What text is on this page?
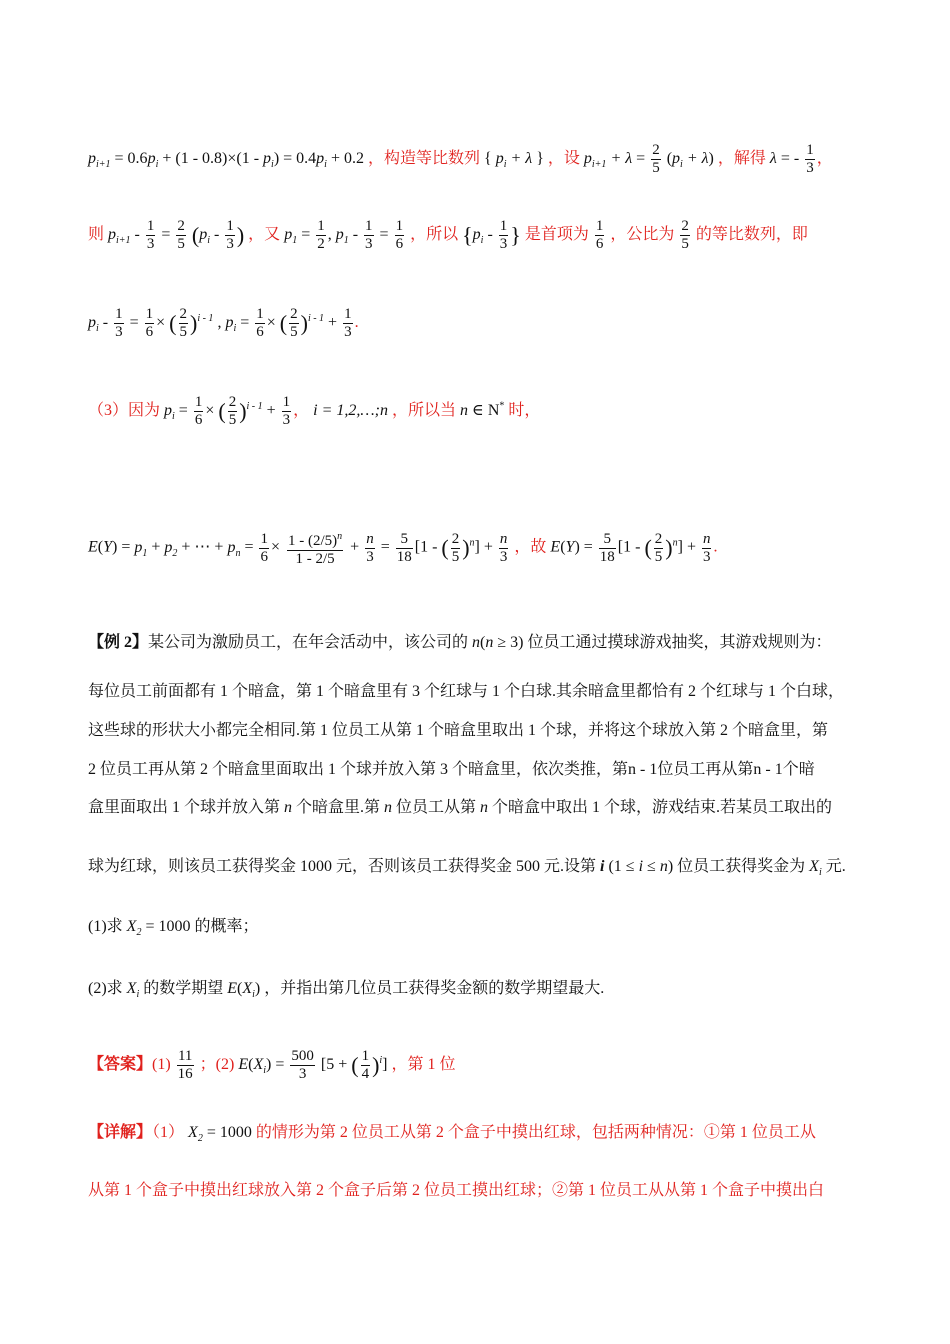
$p_{i+1} = 0.6p_i + (1 - 0.8)\times(1 - p_i) = 0.4p_i + 0.2$ ，构造等比数列 { $p_i + \lambda$ } ，设 $p_{i+1} + \lambda = \frac{2}{5} (p_i + \lambda)$ ，解得 λ = - $\frac{1}{3}$ ，
则 $p_{i+1} - \frac{1}{3} = \frac{2}{5} (p_i - \frac{1}{3}$ ) ，又 $p_1 = \frac{1}{2}$ , $p_1 - \frac{1}{3} = \frac{1}{6}$ ，所以 {$p_i - \frac{1}{3}$ } 是首项为 $\frac{1}{6}$ ，公比为 $\frac{2}{5}$ 的等比数列，即
$p_i - \frac{1}{3} = \frac{1}{6}$ × ( $\frac{2}{5} )^{i - 1}$ , $p_i = \frac{1}{6}$ × ( $\frac{2}{5} )^{i - 1} + \frac{1}{3}$ .
（3）因为 $p_i = \frac{1}{6}$ × ( $\frac{2}{5} )^{i - 1} + \frac{1}{3}$ ， i = 1,2,…;n ，所以当 n ∈ N* 时，
$E(Y) = p_1 + p_2$ + ⋯ + $p_n = \frac{1}{6} \times \frac{1 - (2/5)^n}{1 - 2/5} + \frac{n}{3} = \frac{5}{18} [1$ - ( $\frac{2}{5} )^n] + \frac{n}{3}$ ，故 $E(Y) = \frac{5}{18} [1$ - ( $\frac{2}{5} )^n] + \frac{n}{3}$ .
【例 2】某公司为激励员工，在年会活动中，该公司的 n(n ≥ 3) 位员工通过摸球游戏抽奖，其游戏规则为：
每位员工前面都有 1 个暗盒，第 1 个暗盒里有 3 个红球与 1 个白球.其余暗盒里都恰有 2 个红球与 1 个白球，
这些球的形状大小都完全相同.第 1 位员工从第 1 个暗盒里取出 1 个球，并将这个球放入第 2 个暗盒里，第
2 位员工再从第 2 个暗盒里面取出 1 个球并放入第 3 个暗盒里，依次类推，第n - 1位员工再从第n - 1个暗
盒里面取出 1 个球并放入第 n 个暗盒里.第 n 位员工从第 n 个暗盒中取出 1 个球，游戏结束.若某员工取出的
球为红球，则该员工获得奖金 1000 元，否则该员工获得奖金 500 元.设第 i (1 ≤ i ≤ n) 位员工获得奖金为 $X_i$ 元.
(1)求 $X_2 = 1000$ 的概率；
(2)求 $X_i$ 的数学期望 $E(X_i)$ ，并指出第几位员工获得奖金额的数学期望最大.
【答案】$(1) \frac{11}{16}$ ；(2) $E(X_i) = \frac{500}{3} [5$ + ( $\frac{1}{4} )^i$] ，第 1 位
【详解】（1） $X_2 = 1000$ 的情形为第 2 位员工从第 2 个盒子中摸出红球，包括两种情况：①第 1 位员工从
从第 1 个盒子中摸出红球放入第 2 个盒子后第 2 位员工摸出红球；②第 1 位员工从从第 1 个盒子中摸出白
